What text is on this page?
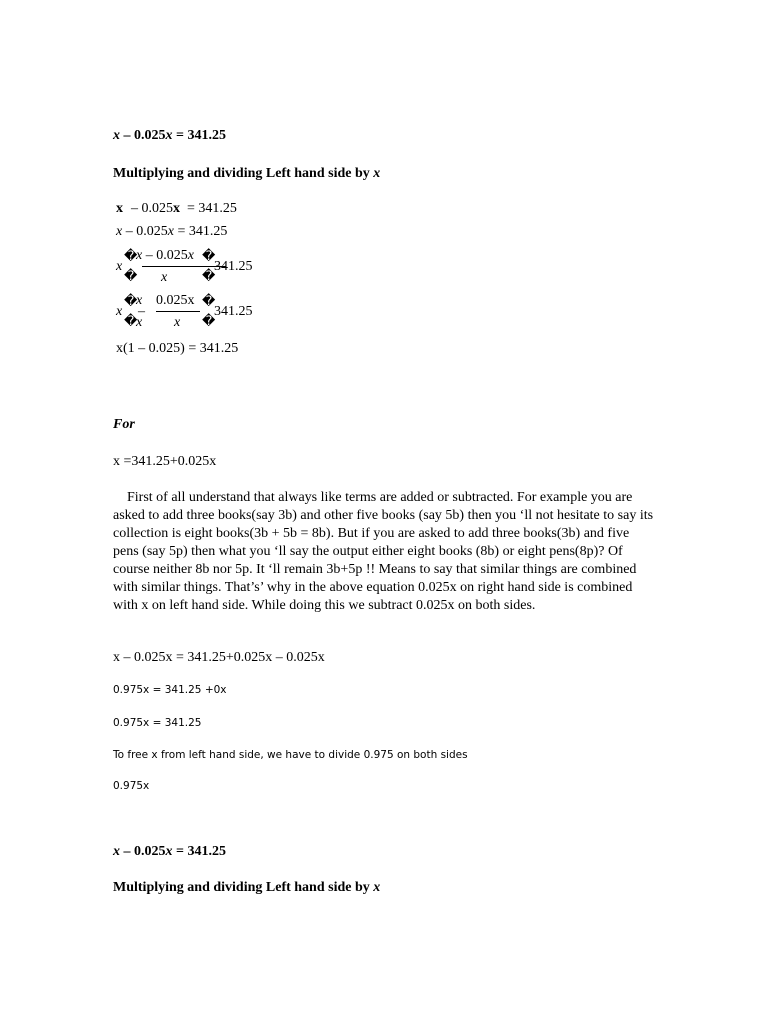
x – 0.025x = 341.25
Multiplying and dividing Left hand side by x
x  – 0.025x  = 341.25
x – 0.025x = 341.25
x
�
�
x – 0.025x
x
�
�
341.25
x
�
�
x
x
–
0.025x
x
�
�
341.25
x(1 – 0.025) = 341.25
For
x =341.25+0.025x
First of all understand that always like terms are added or subtracted. For example you are asked to add three books(say 3b) and other five books (say 5b) then you ‘ll not hesitate to say its collection is eight books(3b + 5b = 8b). But if you are asked to add three books(3b) and five pens (say 5p) then what you ‘ll say the output either eight books (8b) or eight pens(8p)? Of course neither 8b nor 5p. It ‘ll remain 3b+5p !! Means to say that similar things are combined with similar things. That’s’ why in the above equation 0.025x on right hand side is combined with x on left hand side. While doing this we subtract 0.025x on both sides.
x – 0.025x = 341.25+0.025x – 0.025x
0.975x = 341.25 +0x
0.975x = 341.25
To free x from left hand side, we have to divide 0.975 on both sides
0.975x
x – 0.025x = 341.25
Multiplying and dividing Left hand side by x
